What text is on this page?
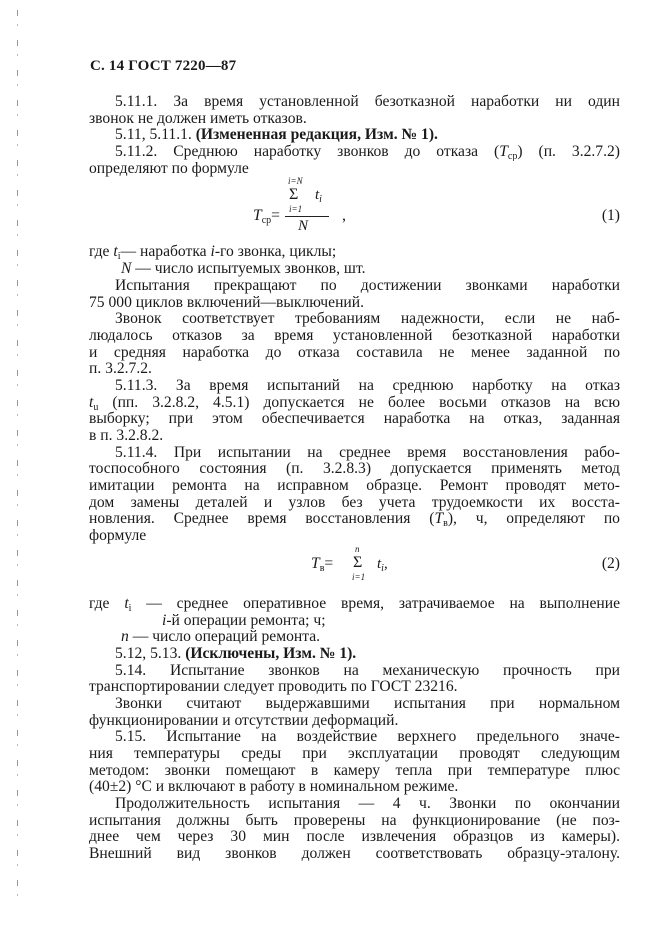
С. 14 ГОСТ 7220—87
5.11.1. За время установленной безотказной наработки ни один
звонок не должен иметь отказов.
5.11, 5.11.1. (Измененная редакция, Изм. № 1).
5.11.2. Среднюю наработку звонков до отказа $(T_{ср})$ (п. 3.2.7.2)
определяют по формуле
i=N
Σ $t_i$
i=1
N
$T_{ср}=$	,	(1)
где $t_i—$ наработка i-го звонка, циклы;
N — число испытуемых звонков, шт.
Испытания прекращают по достижении звонками наработки
75 000 циклов включений—выключений.
Звонок соответствует требованиям надежности, если не наб-
людалось отказов за время установленной безотказной наработки
и средняя наработка до отказа составила не менее заданной по
п. 3.2.7.2.
5.11.3. За время испытаний на среднюю нарботку на отказ
$t_u$ (пп. 3.2.8.2, 4.5.1) допускается не более восьми отказов на всю
выборку; при этом обеспечивается наработка на отказ, заданная
в п. 3.2.8.2.
5.11.4. При испытании на среднее время восстановления рабо-
тоспособного состояния (п. 3.2.8.3) допускается применять метод
имитации ремонта на исправном образце. Ремонт проводят мето-
дом замены деталей и узлов без учета трудоемкости их восста-
новления. Среднее время восстановления $(T_в)$, ч, определяют по
формуле
n
Σ
i=1
$T_в=$	$t_i$,	(2)
где $t_i$ — среднее оперативное время, затрачиваемое на выполнение
i-й операции ремонта; ч;
n — число операций ремонта.
5.12, 5.13. (Исключены, Изм. № 1).
5.14. Испытание звонков на механическую прочность при
транспортировании следует проводить по ГОСТ 23216.
Звонки считают выдержавшими испытания при нормальном
функционировании и отсутствии деформаций.
5.15. Испытание на воздействие верхнего предельного значе-
ния температуры среды при эксплуатации проводят следующим
методом: звонки помещают в камеру тепла при температуре плюс
(40±2) °С и включают в работу в номинальном режиме.
Продолжительность испытания — 4 ч. Звонки по окончании
испытания должны быть проверены на функционирование (не поз-
днее чем через 30 мин после извлечения образцов из камеры).
Внешний вид звонков должен соответствовать образцу-эталону.
